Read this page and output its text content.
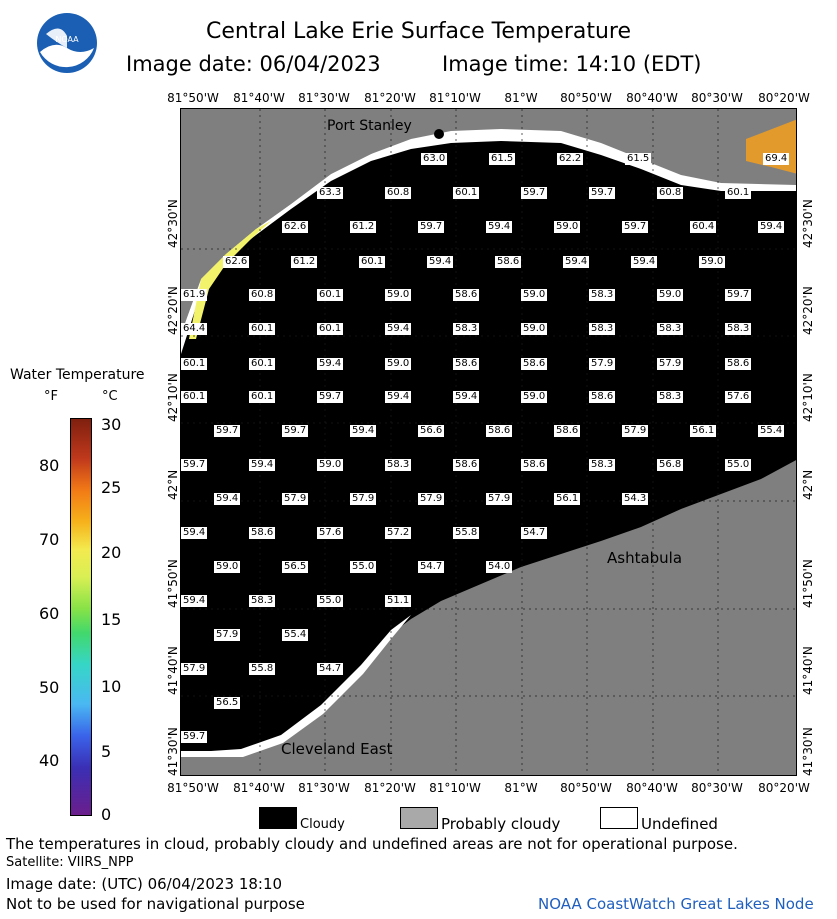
NOAA	Central Lake Erie Surface Temperature
Image date: 06/04/2023	Image time: 14:10 (EDT)
81°50'W 81°40'W 81°30'W 81°20'W 81°10'W 81°W 80°50'W 80°40'W 80°30'W 80°20'W
81°50'W 81°40'W 81°30'W 81°20'W 81°10'W 81°W 80°50'W 80°40'W 80°30'W 80°20'W
42°30'N
42°20'N
42°10'N
42°N
41°50'N
41°40'N
41°30'N
42°30'N
42°20'N
42°10'N
42°N
41°50'N
41°40'N
41°30'N
Port Stanley
Ashtabula
Cleveland East
63.0	61.5	62.2	61.5	69.4
63.3	60.8	60.1	59.7	59.7	60.8	60.1
62.6	61.2	59.7	59.4	59.0	59.7	60.4	59.4
62.6	61.2	60.1	59.4	58.6	59.4	59.4	59.0
61.9	60.8	60.1	59.0	58.6	59.0	58.3	59.0	59.7
64.4	60.1	60.1	59.4	58.3	59.0	58.3	58.3	58.3
60.1	60.1	59.4	59.0	58.6	58.6	57.9	57.9	58.6
60.1	60.1	59.7	59.4	59.4	59.0	58.6	58.3	57.6
59.7	59.7	59.4	56.6	58.6	58.6	57.9	56.1	55.4
59.7	59.4	59.0	58.3	58.6	58.6	58.3	56.8	55.0
59.4	57.9	57.9	57.9	57.9	56.1	54.3
59.4	58.6	57.6	57.2	55.8	54.7
59.0	56.5	55.0	54.7	54.0
59.4	58.3	55.0	51.1
57.9	55.4
57.9	55.8	54.7
56.5
59.7
Water Temperature
°F	°C
80
70
60
50
40
30
25
20
15
10
5
0
Cloudy	Probably cloudy	Undefined
The temperatures in cloud, probably cloudy and undefined areas are not for operational purpose.
Satellite: VIIRS_NPP
Image date: (UTC) 06/04/2023 18:10
Not to be used for navigational purpose	NOAA CoastWatch Great Lakes Node
